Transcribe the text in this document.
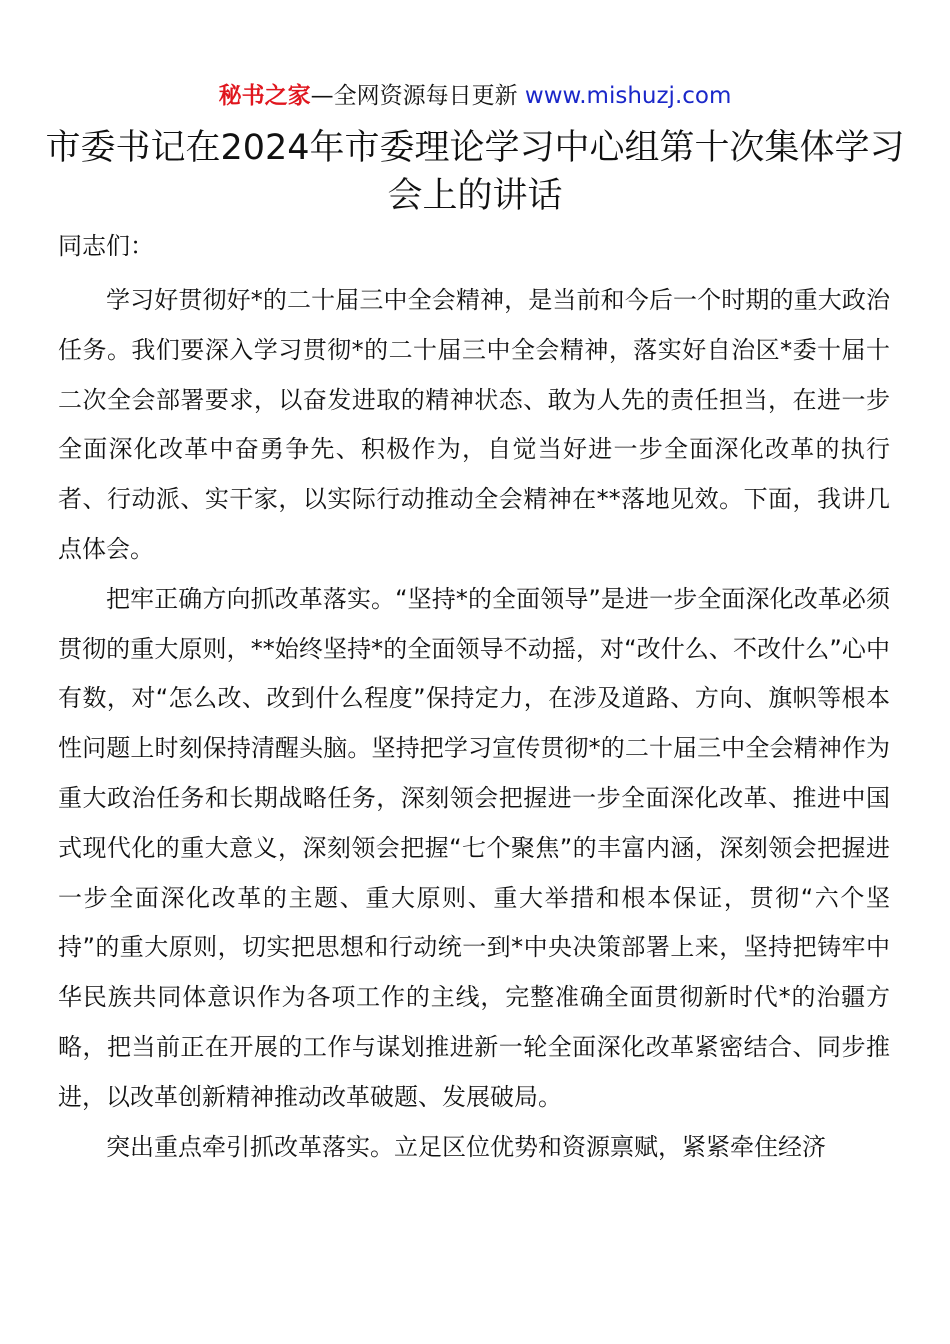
秘书之家—全网资源每日更新 www.mishuzj.com
市委书记在2024年市委理论学习中心组第十次集体学习会上的讲话
同志们：

学习好贯彻好*的二十届三中全会精神，是当前和今后一个时期的重大政治任务。我们要深入学习贯彻*的二十届三中全会精神，落实好自治区*委十届十二次全会部署要求，以奋发进取的精神状态、敢为人先的责任担当，在进一步全面深化改革中奋勇争先、积极作为，自觉当好进一步全面深化改革的执行者、行动派、实干家，以实际行动推动全会精神在**落地见效。下面，我讲几点体会。

把牢正确方向抓改革落实。“坚持*的全面领导”是进一步全面深化改革必须贯彻的重大原则，**始终坚持*的全面领导不动摇，对“改什么、不改什么”心中有数，对“怎么改、改到什么程度”保持定力，在涉及道路、方向、旗帜等根本性问题上时刻保持清醒头脑。坚持把学习宣传贯彻*的二十届三中全会精神作为重大政治任务和长期战略任务，深刻领会把握进一步全面深化改革、推进中国式现代化的重大意义，深刻领会把握“七个聚焦”的丰富内涵，深刻领会把握进一步全面深化改革的主题、重大原则、重大举措和根本保证，贯彻“六个坚持”的重大原则，切实把思想和行动统一到*中央决策部署上来，坚持把铸牢中华民族共同体意识作为各项工作的主线，完整准确全面贯彻新时代*的治疆方略，把当前正在开展的工作与谋划推进新一轮全面深化改革紧密结合、同步推进，以改革创新精神推动改革破题、发展破局。

突出重点牵引抓改革落实。立足区位优势和资源禀赋，紧紧牵住经济
